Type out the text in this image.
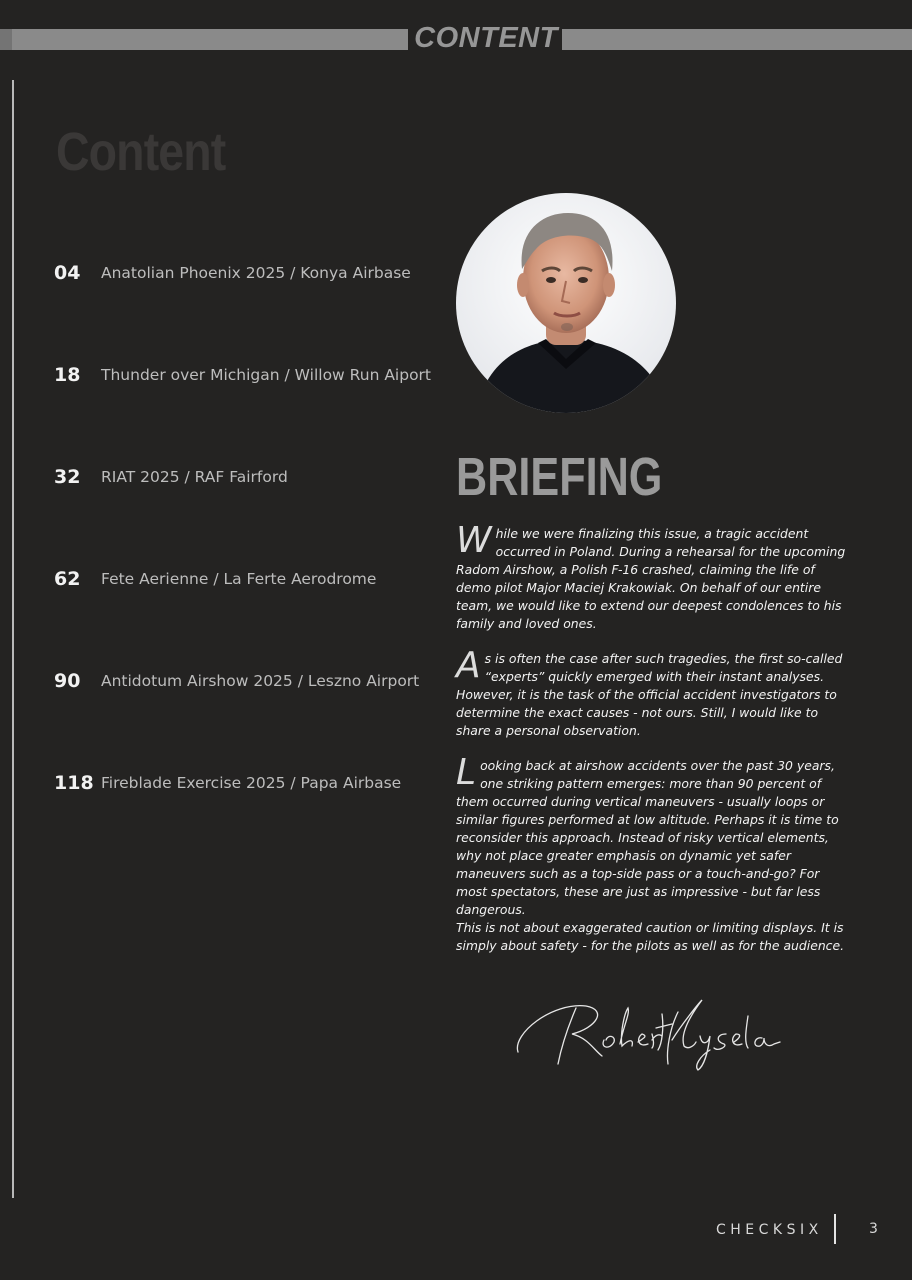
CONTENT
Content
04 Anatolian Phoenix 2025 / Konya Airbase
18 Thunder over Michigan / Willow Run Aiport
32 RIAT 2025 / RAF Fairford
62 Fete Aerienne / La Ferte Aerodrome
90 Antidotum Airshow 2025 / Leszno Airport
118 Fireblade Exercise 2025 / Papa Airbase
BRIEFING

While we were finalizing this issue, a tragic accident occurred in Poland. During a rehearsal for the upcoming Radom Airshow, a Polish F-16 crashed, claiming the life of demo pilot Major Maciej Krakowiak. On behalf of our entire team, we would like to extend our deepest condolences to his family and loved ones.

As is often the case after such tragedies, the first so-called “experts” quickly emerged with their instant analyses. However, it is the task of the official accident investigators to determine the exact causes - not ours. Still, I would like to share a personal observation.

Looking back at airshow accidents over the past 30 years, one striking pattern emerges: more than 90 percent of them occurred during vertical maneuvers - usually loops or similar figures performed at low altitude. Perhaps it is time to reconsider this approach. Instead of risky vertical elements, why not place greater emphasis on dynamic yet safer maneuvers such as a top-side pass or a touch-and-go? For most spectators, these are just as impressive - but far less dangerous.
This is not about exaggerated caution or limiting displays. It is simply about safety - for the pilots as well as for the audience.

CHECKSIX	3
